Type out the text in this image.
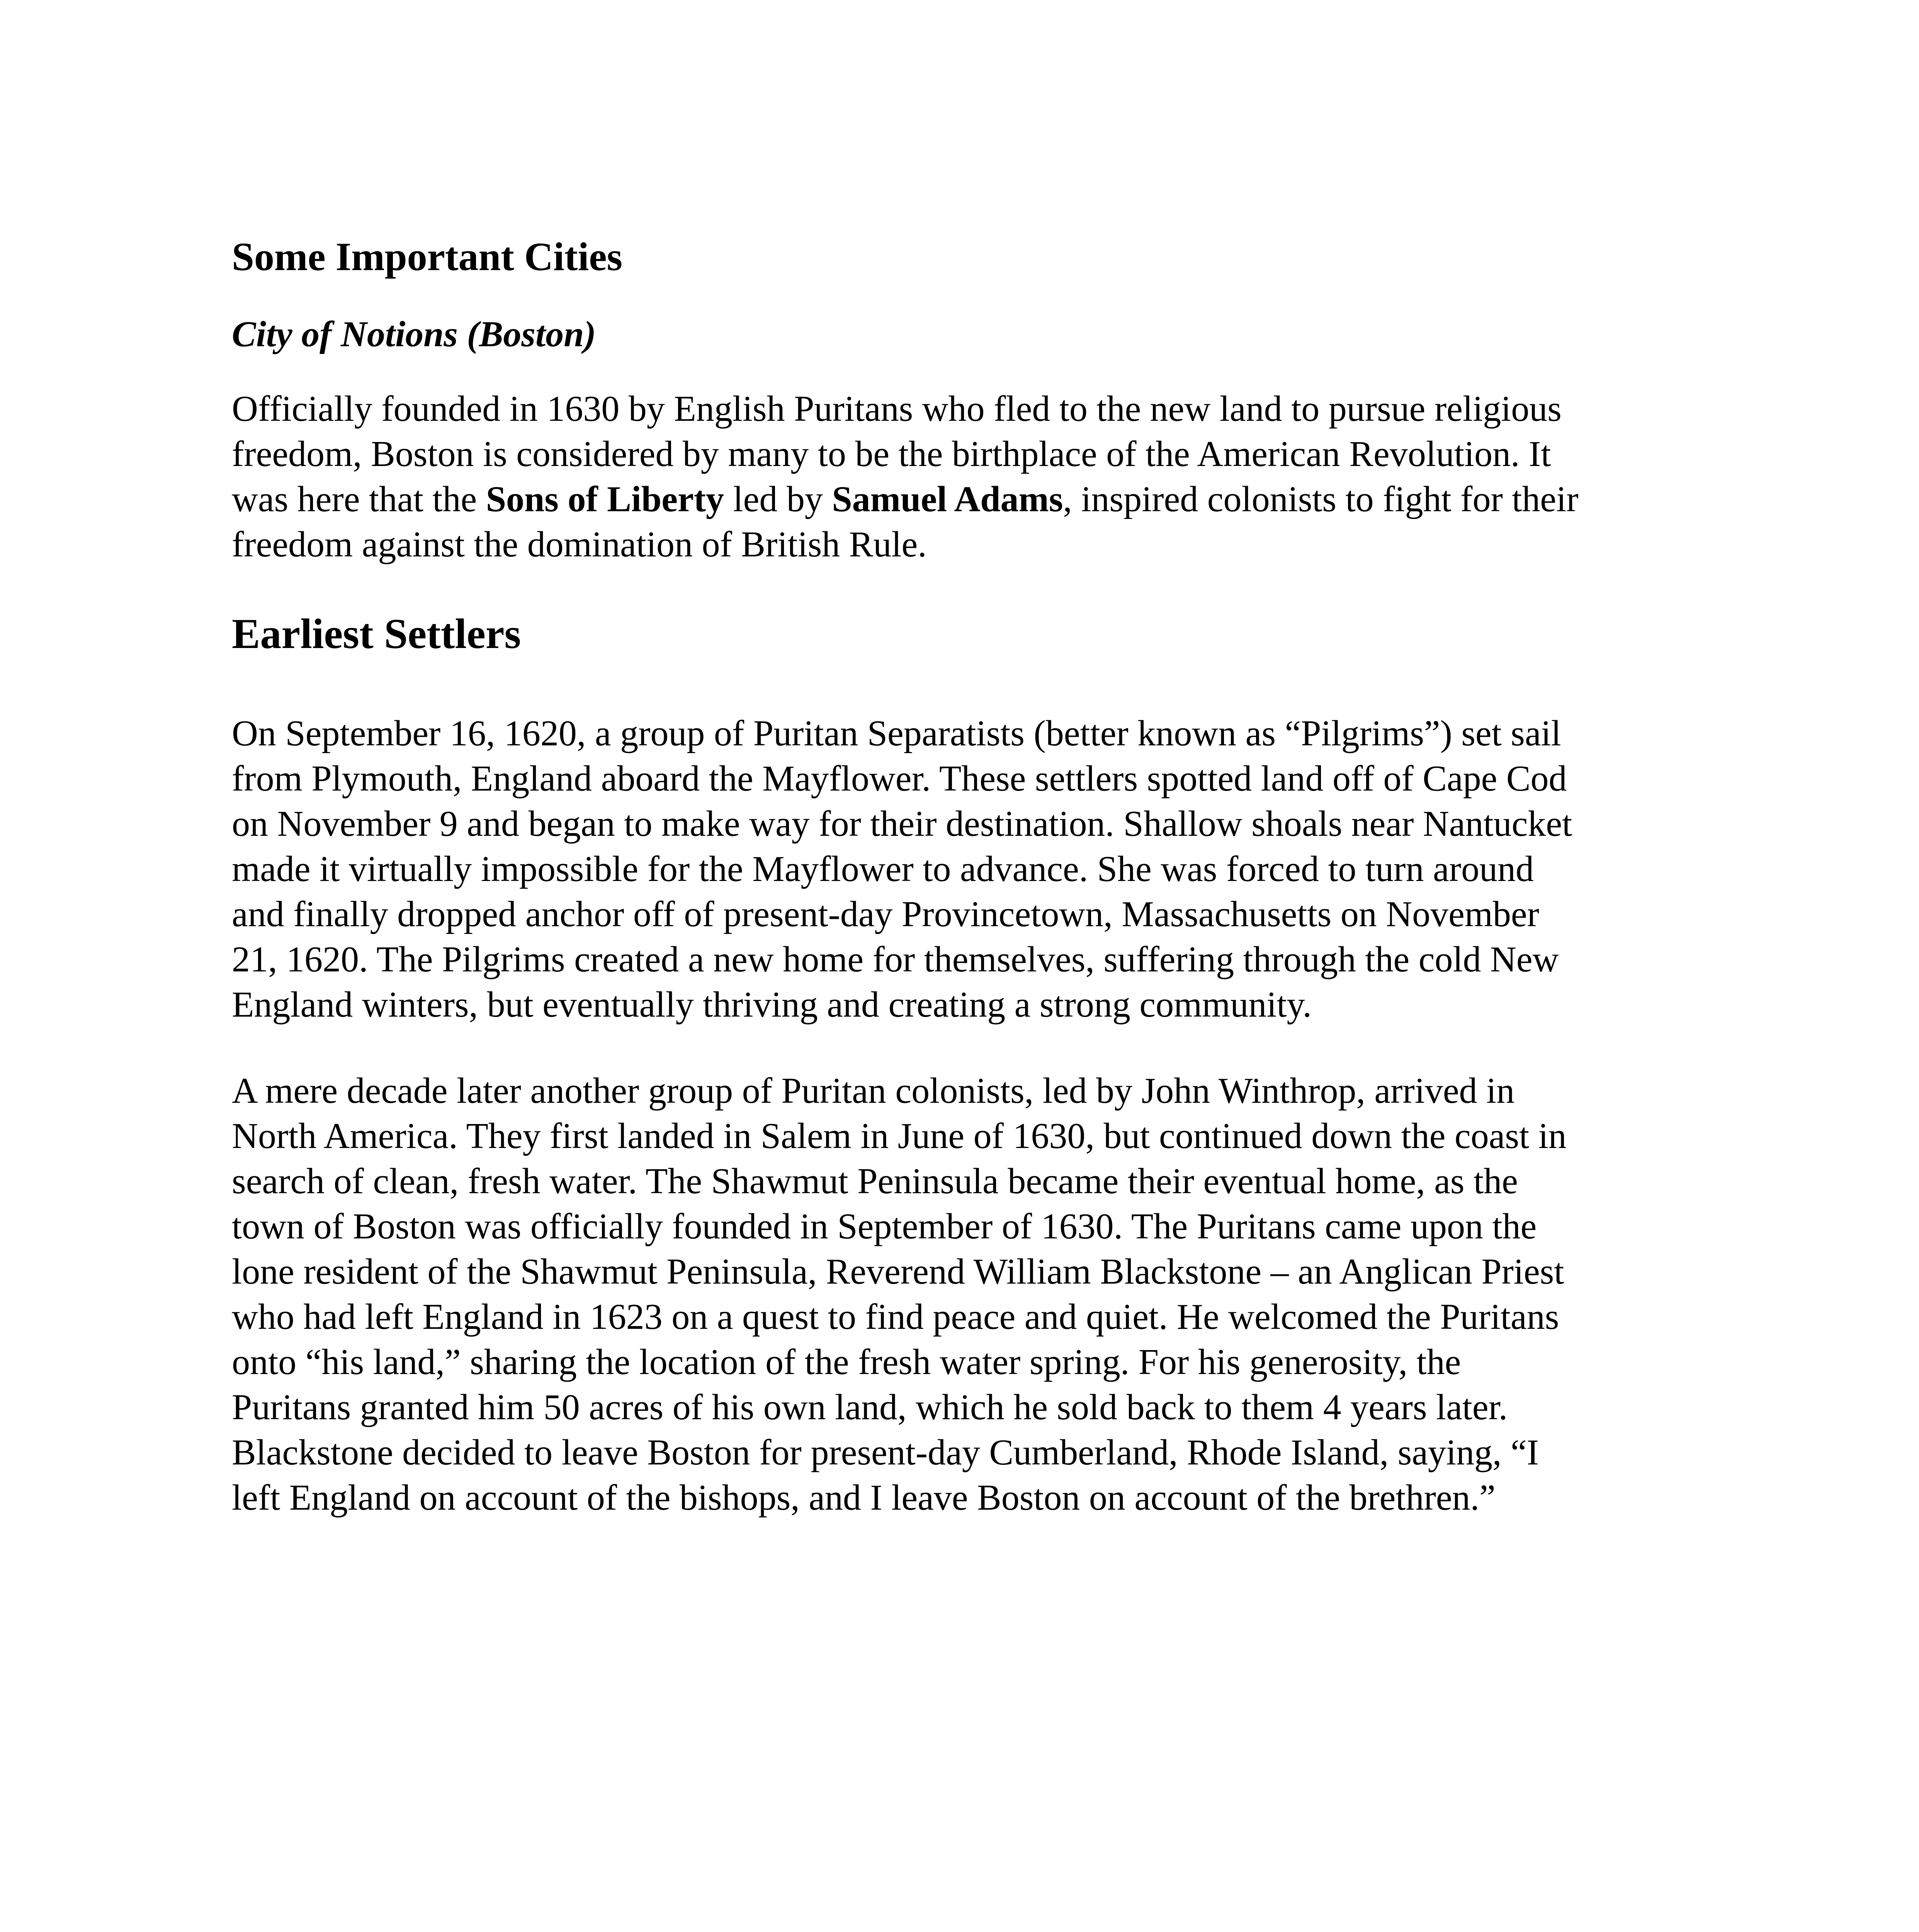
Some Important Cities
City of Notions (Boston)

Officially founded in 1630 by English Puritans who fled to the new land to pursue religious
freedom, Boston is considered by many to be the birthplace of the American Revolution. It
was here that the Sons of Liberty led by Samuel Adams, inspired colonists to fight for their
freedom against the domination of British Rule.

Earliest Settlers

On September 16, 1620, a group of Puritan Separatists (better known as “Pilgrims”) set sail
from Plymouth, England aboard the Mayflower. These settlers spotted land off of Cape Cod
on November 9 and began to make way for their destination. Shallow shoals near Nantucket
made it virtually impossible for the Mayflower to advance. She was forced to turn around
and finally dropped anchor off of present-day Provincetown, Massachusetts on November
21, 1620. The Pilgrims created a new home for themselves, suffering through the cold New
England winters, but eventually thriving and creating a strong community.

A mere decade later another group of Puritan colonists, led by John Winthrop, arrived in
North America. They first landed in Salem in June of 1630, but continued down the coast in
search of clean, fresh water. The Shawmut Peninsula became their eventual home, as the
town of Boston was officially founded in September of 1630. The Puritans came upon the
lone resident of the Shawmut Peninsula, Reverend William Blackstone – an Anglican Priest
who had left England in 1623 on a quest to find peace and quiet. He welcomed the Puritans
onto “his land,” sharing the location of the fresh water spring. For his generosity, the
Puritans granted him 50 acres of his own land, which he sold back to them 4 years later.
Blackstone decided to leave Boston for present-day Cumberland, Rhode Island, saying, “I
left England on account of the bishops, and I leave Boston on account of the brethren.”
